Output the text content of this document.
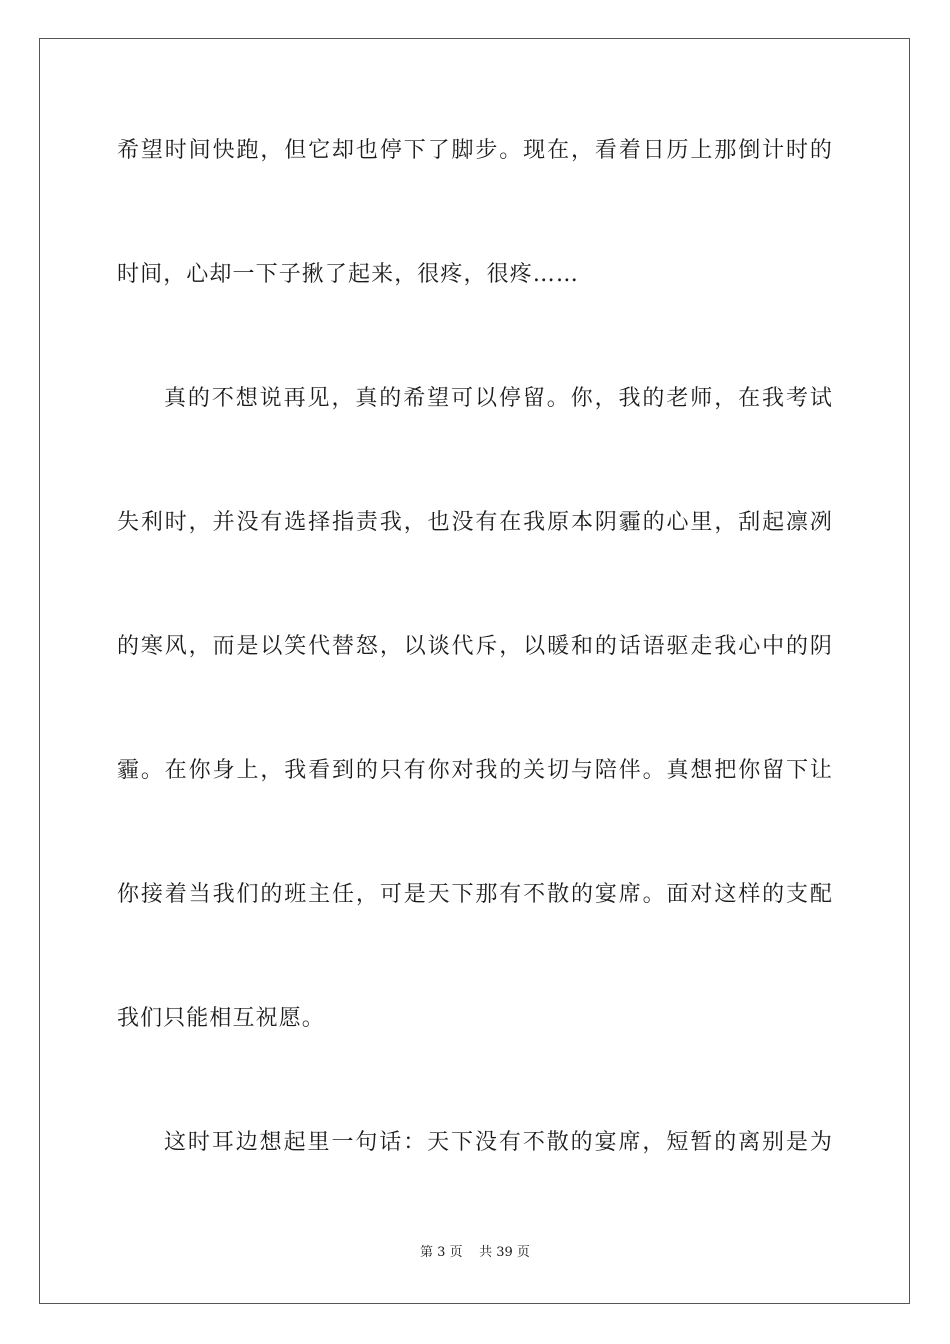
希望时间快跑，但它却也停下了脚步。现在，看着日历上那倒计时的
时间，心却一下子揪了起来，很疼，很疼……
真的不想说再见，真的希望可以停留。你，我的老师，在我考试
失利时，并没有选择指责我，也没有在我原本阴霾的心里，刮起凛冽
的寒风，而是以笑代替怒，以谈代斥，以暖和的话语驱走我心中的阴
霾。在你身上，我看到的只有你对我的关切与陪伴。真想把你留下让
你接着当我们的班主任，可是天下那有不散的宴席。面对这样的支配
我们只能相互祝愿。
这时耳边想起里一句话：天下没有不散的宴席，短暂的离别是为
第 3 页 共 39 页
